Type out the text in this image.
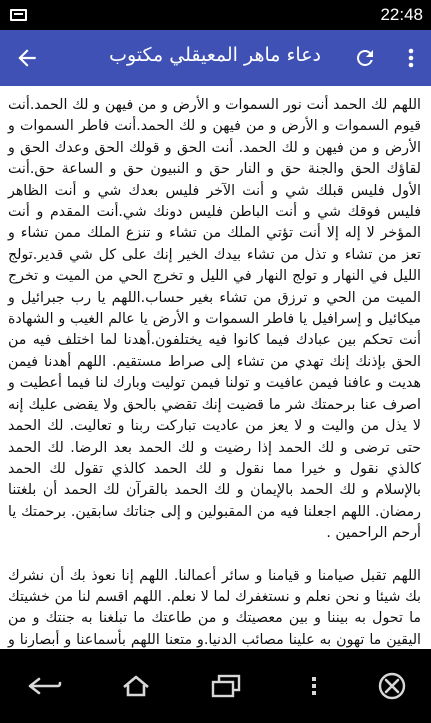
22:48
دعاء ماهر المعيقلي مكتوب

اللهم لك الحمد أنت نور السموات و الأرض و من فيهن و لك الحمد.أنت قيوم السموات و الأرض و من فيهن و لك الحمد.أنت فاطر السموات و الأرض و من فيهن و لك الحمد. أنت الحق و قولك الحق وعدك الحق و لقاؤك الحق والجنة حق و النار حق و النبيون حق و الساعة حق.أنت الأول فليس قبلك شي و أنت الآخر فليس بعدك شي و أنت الظاهر فليس فوقك شي و أنت الباطن فليس دونك شي.أنت المقدم و أنت المؤخر لا إله إلا أنت تؤتي الملك من تشاء و تنزع الملك ممن تشاء و تعز من تشاء و تذل من تشاء بيدك الخير إنك على كل شي قدير.تولج الليل في النهار و تولج النهار في الليل و تخرج الحي من الميت و تخرج الميت من الحي و ترزق من تشاء بغير حساب.اللهم يا رب جبرائيل و ميكائيل و إسرافيل يا فاطر السموات و الأرض يا عالم الغيب و الشهادة أنت تحكم بين عبادك فيما كانوا فيه يختلفون.أهدنا لما اختلف فيه من الحق بإذنك إنك تهدي من تشاء إلى صراط مستقيم. اللهم أهدنا فيمن هديت و عافنا فيمن عافيت و تولنا فيمن توليت وبارك لنا فيما أعطيت و اصرف عنا برحمتك شر ما قضيت إنك تقضي بالحق ولا يقضى عليك إنه لا يذل من واليت و لا يعز من عاديت تباركت ربنا و تعاليت. لك الحمد حتى ترضى و لك الحمد إذا رضيت و لك الحمد بعد الرضا. لك الحمد كالذي نقول و خيرا مما نقول و لك الحمد كالذي تقول لك الحمد بالإسلام و لك الحمد بالإيمان و لك الحمد بالقرآن لك الحمد أن بلغتنا رمضان. اللهم اجعلنا فيه من المقبولين و إلى جناتك سابقين. برحمتك يا أرحم الراحمين .

اللهم تقبل صيامنا و قيامنا و سائر أعمالنا. اللهم إنا نعوذ بك أن نشرك بك شيئا و نحن نعلم و نستغفرك لما لا نعلم. اللهم اقسم لنا من خشيتك ما تحول به بيننا و بين معصيتك و من طاعتك ما تبلغنا به جنتك و من اليقين ما تهون به علينا مصائب الدنيا.و متعنا اللهم بأسماعنا و أبصارنا و
